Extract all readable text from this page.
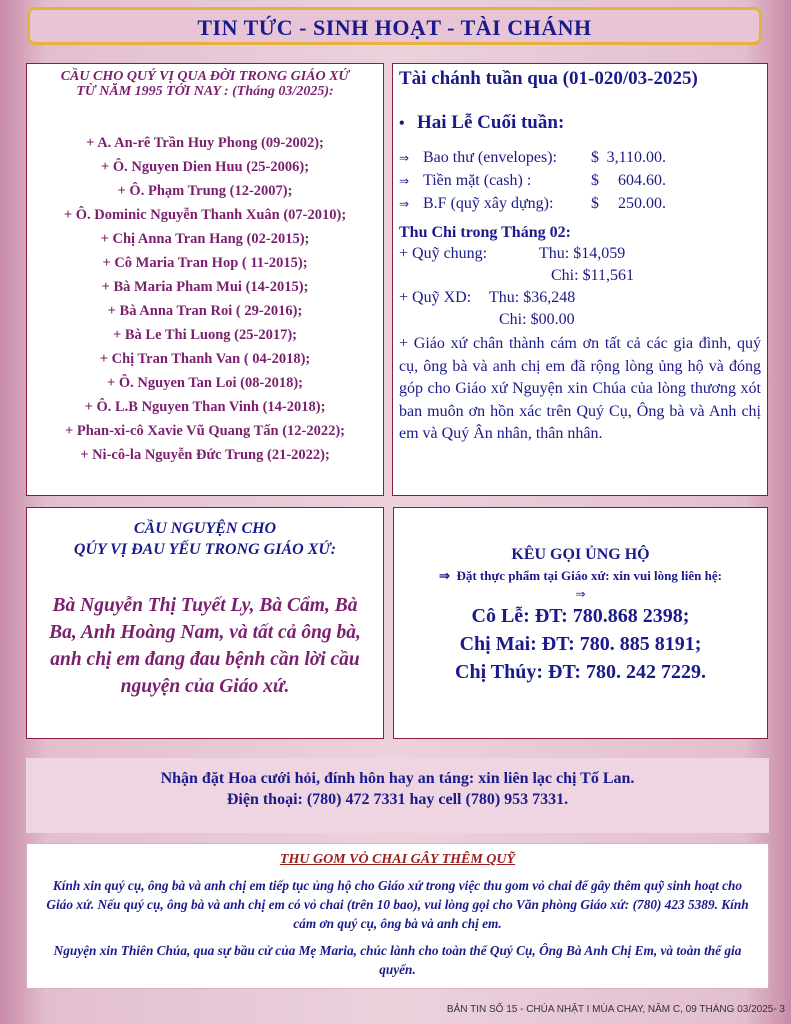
TIN TỨC - SINH HOẠT - TÀI CHÁNH
CẦU CHO QUÝ VỊ QUA ĐỜI TRONG GIÁO XỨ
TỪ NĂM 1995 TỚI NAY : (Tháng 03/2025):
+ A. An-rê Trần Huy Phong (09-2002);
+ Ô. Nguyen Dien Huu (25-2006);
+ Ô. Phạm Trung (12-2007);
+ Ô. Dominic Nguyễn Thanh Xuân (07-2010);
+ Chị Anna Tran Hang (02-2015);
+ Cô Maria Tran Hop ( 11-2015);
+ Bà Maria Pham Mui (14-2015);
+ Bà Anna Tran Roi ( 29-2016);
+ Bà Le Thi Luong (25-2017);
+ Chị Tran Thanh Van ( 04-2018);
+ Ô. Nguyen Tan Loi (08-2018);
+ Ô. L.B Nguyen Than Vinh (14-2018);
+ Phan-xi-cô Xavie Vũ Quang Tấn (12-2022);
+ Ni-cô-la Nguyễn Đức Trung (21-2022);
Tài chánh tuần qua (01-020/03-2025)
• Hai Lễ Cuối tuần:
⇒ Bao thư (envelopes): $ 3,110.00.
⇒ Tiền mặt (cash) :	$ 604.60.
⇒ B.F (quỹ xây dựng): $ 250.00.
Thu Chi trong Tháng 02:
+ Quỹ chung:	Thu: $14,059
Chi: $11,561
+ Quỹ XD: Thu: $36,248
Chi: $00.00
+ Giáo xứ chân thành cám ơn tất cả các gia đình, quý cụ, ông bà và anh chị em đã rộng lòng ủng hộ và đóng góp cho Giáo xứ Nguyện xin Chúa của lòng thương xót ban muôn ơn hồn xác trên Quý Cụ, Ông bà và Anh chị em và Quý Ân nhân, thân nhân.
CẦU NGUYỆN CHO
QÚY VỊ ĐAU YẾU TRONG GIÁO XỨ:
Bà Nguyễn Thị Tuyết Ly, Bà Cẩm, Bà Ba, Anh Hoàng Nam, và tất cả ông bà, anh chị em đang đau bệnh cần lời cầu nguyện của Giáo xứ.
KÊU GỌI ỦNG HỘ
⇒  Đặt thực phẩm tại Giáo xứ: xin vui lòng liên hệ:
⇒
Cô Lễ: ĐT: 780.868 2398;
Chị Mai: ĐT: 780. 885 8191;
Chị Thúy: ĐT: 780. 242 7229.
Nhận đặt Hoa cưới hỏi, đính hôn hay an táng: xin liên lạc chị Tố Lan.
Điện thoại: (780) 472 7331 hay cell (780) 953 7331.
THU GOM VỎ CHAI GÂY THÊM QUỸ
Kính xin quý cụ, ông bà và anh chị em tiếp tục ủng hộ cho Giáo xứ trong việc thu gom vỏ chai để gây thêm quỹ sinh hoạt cho Giáo xứ. Nếu quý cụ, ông bà và anh chị em có vỏ chai (trên 10 bao), vui lòng gọi cho Văn phòng Giáo xứ: (780) 423 5389. Kính cám ơn quý cụ, ông bà và anh chị em.
Nguyện xin Thiên Chúa, qua sự bầu cử của Mẹ Maria, chúc lành cho toàn thể Quý Cụ, Ông Bà Anh Chị Em, và toàn thể gia quyến.
BẢN TIN SỐ 15 - CHÚA NHẬT I MÙA CHAY, NĂM C, 09 THÁNG 03/2025- 3
